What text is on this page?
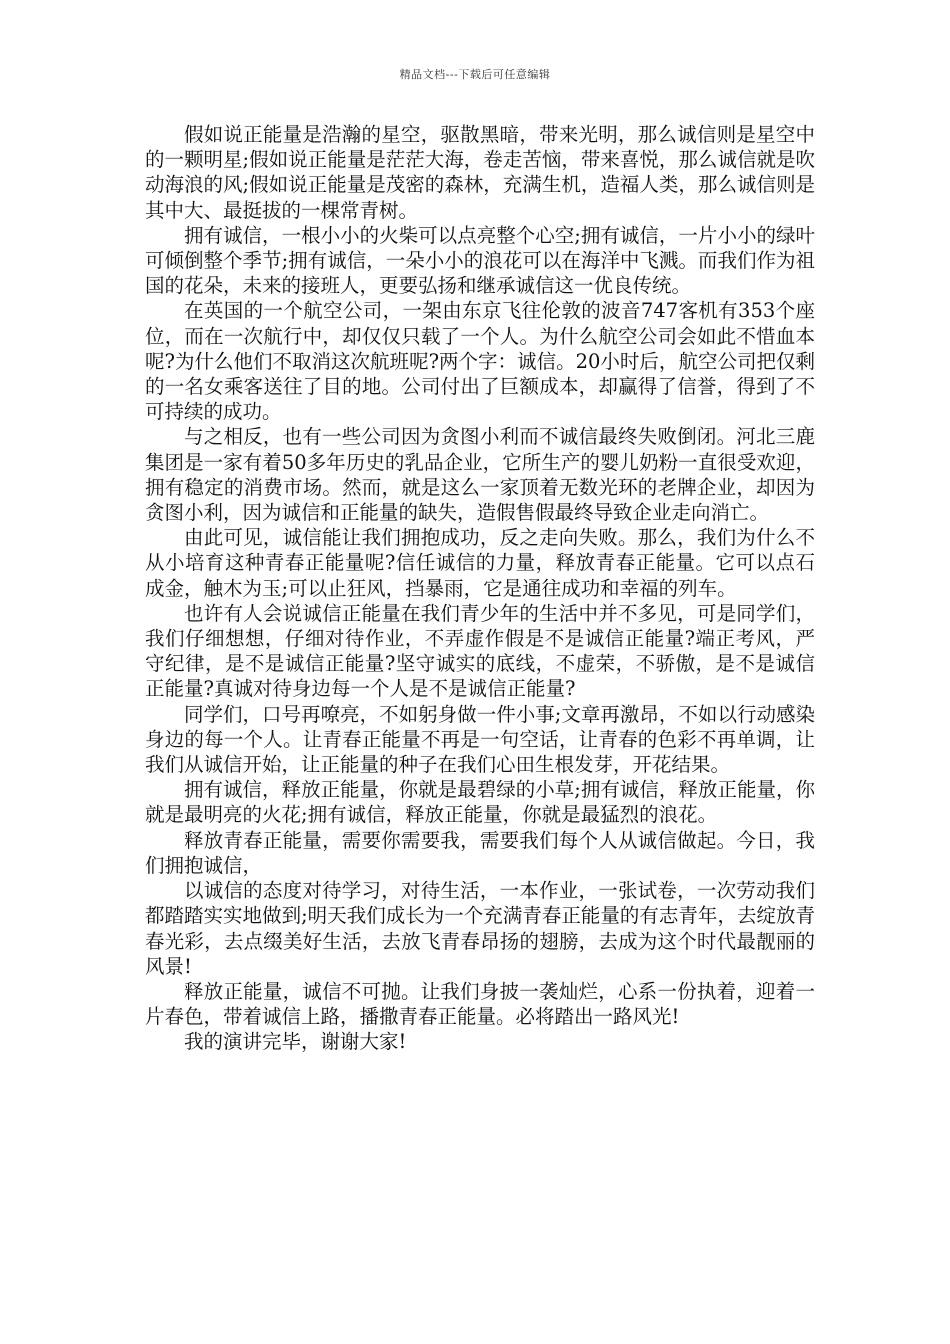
精品文档---下载后可任意编辑

假如说正能量是浩瀚的星空，驱散黑暗，带来光明，那么诚信则是星空中的一颗明星;假如说正能量是茫茫大海，卷走苦恼，带来喜悦，那么诚信就是吹动海浪的风;假如说正能量是茂密的森林，充满生机，造福人类，那么诚信则是其中大、最挺拔的一棵常青树。

拥有诚信，一根小小的火柴可以点亮整个心空;拥有诚信，一片小小的绿叶可倾倒整个季节;拥有诚信，一朵小小的浪花可以在海洋中飞溅。而我们作为祖国的花朵，未来的接班人，更要弘扬和继承诚信这一优良传统。

在英国的一个航空公司，一架由东京飞往伦敦的波音747客机有353个座位，而在一次航行中，却仅仅只载了一个人。为什么航空公司会如此不惜血本呢?为什么他们不取消这次航班呢?两个字：诚信。20小时后，航空公司把仅剩的一名女乘客送往了目的地。公司付出了巨额成本，却赢得了信誉，得到了不可持续的成功。

与之相反，也有一些公司因为贪图小利而不诚信最终失败倒闭。河北三鹿集团是一家有着50多年历史的乳品企业，它所生产的婴儿奶粉一直很受欢迎，拥有稳定的消费市场。然而，就是这么一家顶着无数光环的老牌企业，却因为贪图小利，因为诚信和正能量的缺失，造假售假最终导致企业走向消亡。

由此可见，诚信能让我们拥抱成功，反之走向失败。那么，我们为什么不从小培育这种青春正能量呢?信任诚信的力量，释放青春正能量。它可以点石成金，触木为玉;可以止狂风，挡暴雨，它是通往成功和幸福的列车。

也许有人会说诚信正能量在我们青少年的生活中并不多见，可是同学们，我们仔细想想，仔细对待作业，不弄虚作假是不是诚信正能量?端正考风，严守纪律，是不是诚信正能量?坚守诚实的底线，不虚荣，不骄傲，是不是诚信正能量?真诚对待身边每一个人是不是诚信正能量?

同学们，口号再嘹亮，不如躬身做一件小事;文章再激昂，不如以行动感染身边的每一个人。让青春正能量不再是一句空话，让青春的色彩不再单调，让我们从诚信开始，让正能量的种子在我们心田生根发芽，开花结果。

拥有诚信，释放正能量，你就是最碧绿的小草;拥有诚信，释放正能量，你就是最明亮的火花;拥有诚信，释放正能量，你就是最猛烈的浪花。

释放青春正能量，需要你需要我，需要我们每个人从诚信做起。今日，我们拥抱诚信，

以诚信的态度对待学习，对待生活，一本作业，一张试卷，一次劳动我们都踏踏实实地做到;明天我们成长为一个充满青春正能量的有志青年，去绽放青春光彩，去点缀美好生活，去放飞青春昂扬的翅膀，去成为这个时代最靓丽的风景!

释放正能量，诚信不可抛。让我们身披一袭灿烂，心系一份执着，迎着一片春色，带着诚信上路，播撒青春正能量。必将踏出一路风光!

我的演讲完毕，谢谢大家!
